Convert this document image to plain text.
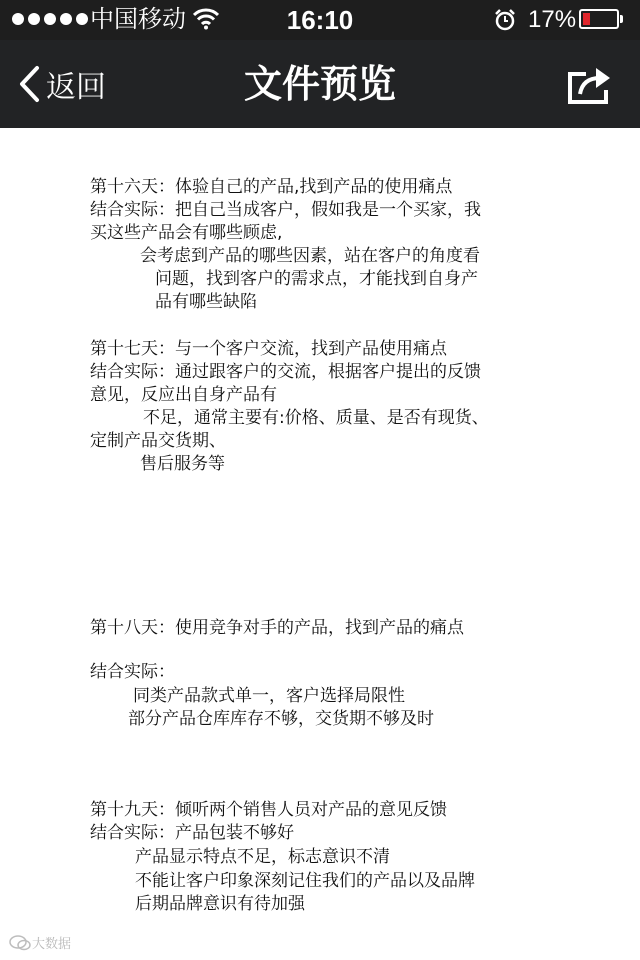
中国移动	16:10	17%
返回	文件预览
第十六天：体验自己的产品,找到产品的使用痛点
结合实际：把自己当成客户，假如我是一个买家，我
买这些产品会有哪些顾虑,
会考虑到产品的哪些因素，站在客户的角度看
问题，找到客户的需求点，才能找到自身产
品有哪些缺陷
第十七天：与一个客户交流，找到产品使用痛点
结合实际：通过跟客户的交流，根据客户提出的反馈
意见，反应出自身产品有
不足，通常主要有:价格、质量、是否有现货、
定制产品交货期、
售后服务等
第十八天：使用竞争对手的产品，找到产品的痛点
结合实际：
同类产品款式单一，客户选择局限性
部分产品仓库库存不够，交货期不够及时
第十九天：倾听两个销售人员对产品的意见反馈
结合实际：产品包装不够好
产品显示特点不足，标志意识不清
不能让客户印象深刻记住我们的产品以及品牌
后期品牌意识有待加强
大数据
